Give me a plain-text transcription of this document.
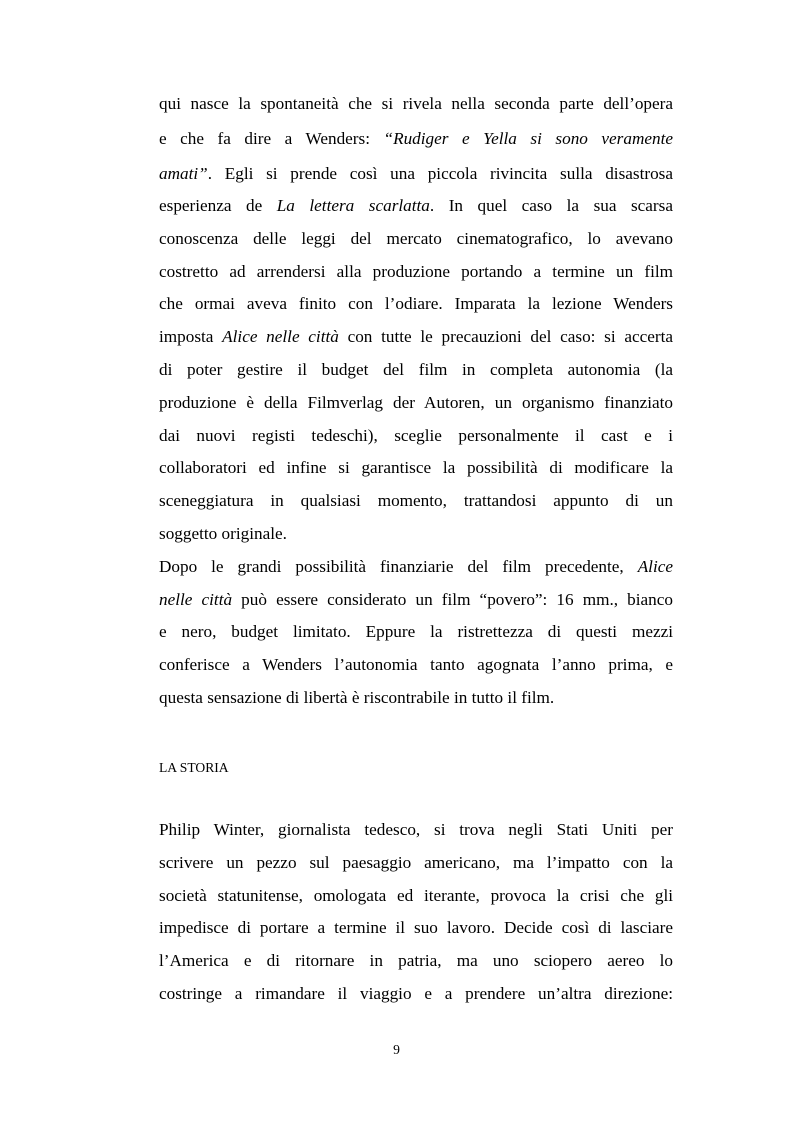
qui nasce la spontaneità che si rivela nella seconda parte dell’opera
e che fa dire a Wenders: “Rudiger e Yella si sono veramente
amati”. Egli si prende così una piccola rivincita sulla disastrosa
esperienza de La lettera scarlatta. In quel caso la sua scarsa
conoscenza delle leggi del mercato cinematografico, lo avevano
costretto ad arrendersi alla produzione portando a termine un film
che ormai aveva finito con l’odiare. Imparata la lezione Wenders
imposta Alice nelle città con tutte le precauzioni del caso: si accerta
di poter gestire il budget del film in completa autonomia (la
produzione è della Filmverlag der Autoren, un organismo finanziato
dai nuovi registi tedeschi), sceglie personalmente il cast e i
collaboratori ed infine si garantisce la possibilità di modificare la
sceneggiatura in qualsiasi momento, trattandosi appunto di un
soggetto originale.
Dopo le grandi possibilità finanziarie del film precedente, Alice
nelle città può essere considerato un film “povero”: 16 mm., bianco
e nero, budget limitato. Eppure la ristrettezza di questi mezzi
conferisce a Wenders l’autonomia tanto agognata l’anno prima, e
questa sensazione di libertà è riscontrabile in tutto il film.
LA STORIA
Philip Winter, giornalista tedesco, si trova negli Stati Uniti per
scrivere un pezzo sul paesaggio americano, ma l’impatto con la
società statunitense, omologata ed iterante, provoca la crisi che gli
impedisce di portare a termine il suo lavoro. Decide così di lasciare
l’America e di ritornare in patria, ma uno sciopero aereo lo
costringe a rimandare il viaggio e a prendere un’altra direzione:
9
